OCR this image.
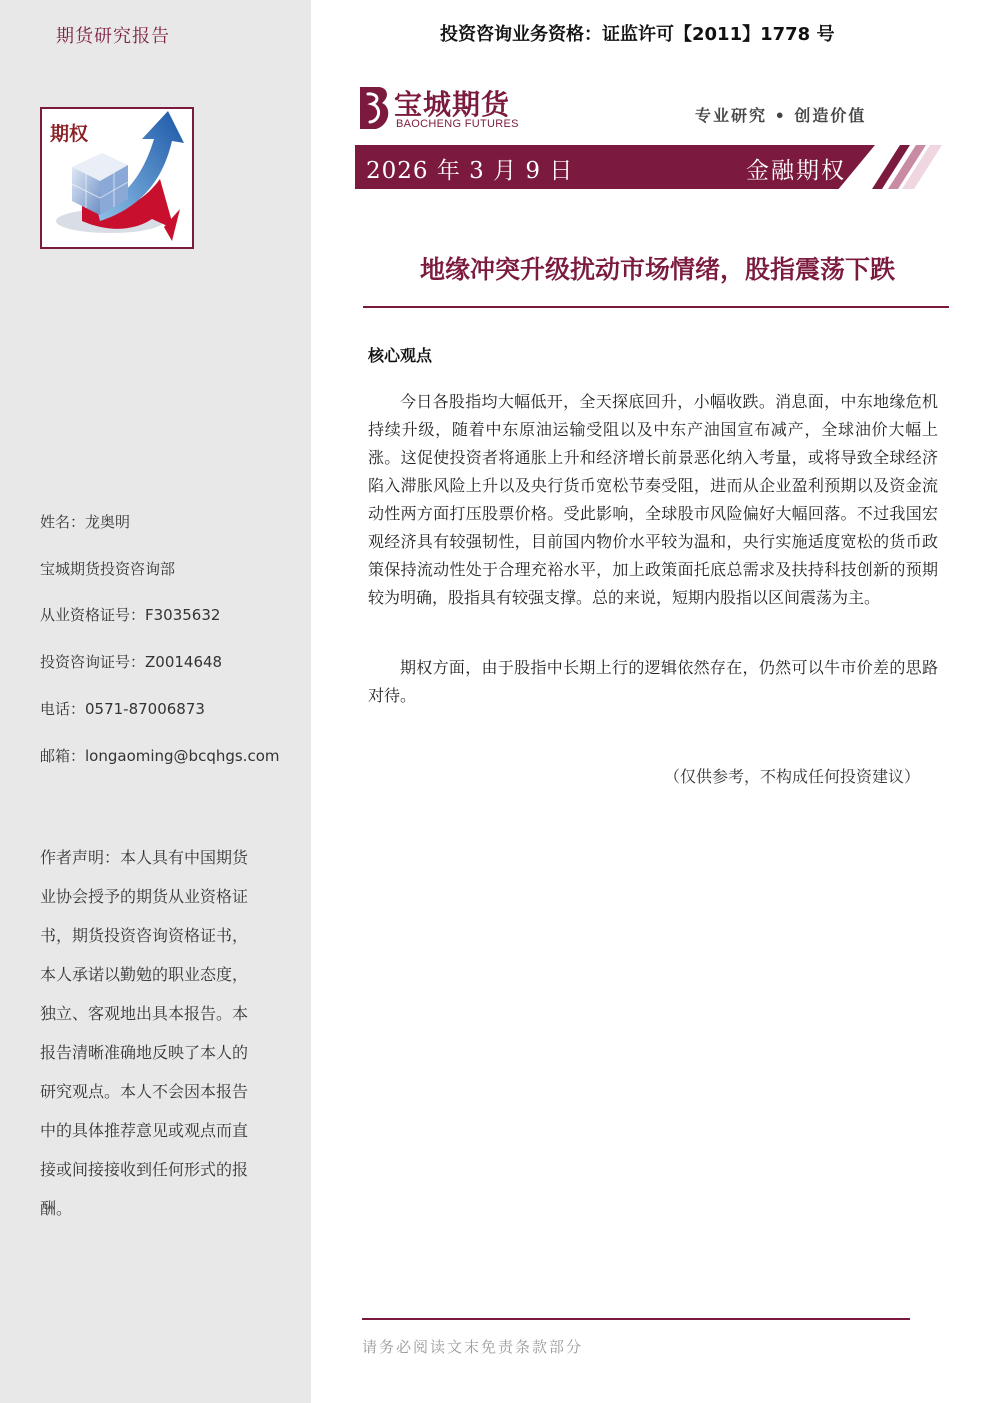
期货研究报告
期权
姓名：龙奥明
宝城期货投资咨询部
从业资格证号：F3035632
投资咨询证号：Z0014648
电话：0571-87006873
邮箱：longaoming@bcqhgs.com
作者声明：本人具有中国期货
业协会授予的期货从业资格证
书，期货投资咨询资格证书，
本人承诺以勤勉的职业态度，
独立、客观地出具本报告。本
报告清晰准确地反映了本人的
研究观点。本人不会因本报告
中的具体推荐意见或观点而直
接或间接接收到任何形式的报
酬。
投资咨询业务资格：证监许可【2011】1778 号
宝城期货
BAOCHENG FUTURES	专业研究 • 创造价值
2026 年 3 月 9 日	金融期权
地缘冲突升级扰动市场情绪，股指震荡下跌
核心观点
今日各股指均大幅低开，全天探底回升，小幅收跌。消息面，中东地缘危机持续升级，随着中东原油运输受阻以及中东产油国宣布减产，全球油价大幅上涨。这促使投资者将通胀上升和经济增长前景恶化纳入考量，或将导致全球经济陷入滞胀风险上升以及央行货币宽松节奏受阻，进而从企业盈利预期以及资金流动性两方面打压股票价格。受此影响，全球股市风险偏好大幅回落。不过我国宏观经济具有较强韧性，目前国内物价水平较为温和，央行实施适度宽松的货币政策保持流动性处于合理充裕水平，加上政策面托底总需求及扶持科技创新的预期较为明确，股指具有较强支撑。总的来说，短期内股指以区间震荡为主。
期权方面，由于股指中长期上行的逻辑依然存在，仍然可以牛市价差的思路对待。
（仅供参考，不构成任何投资建议）
请务必阅读文末免责条款部分
